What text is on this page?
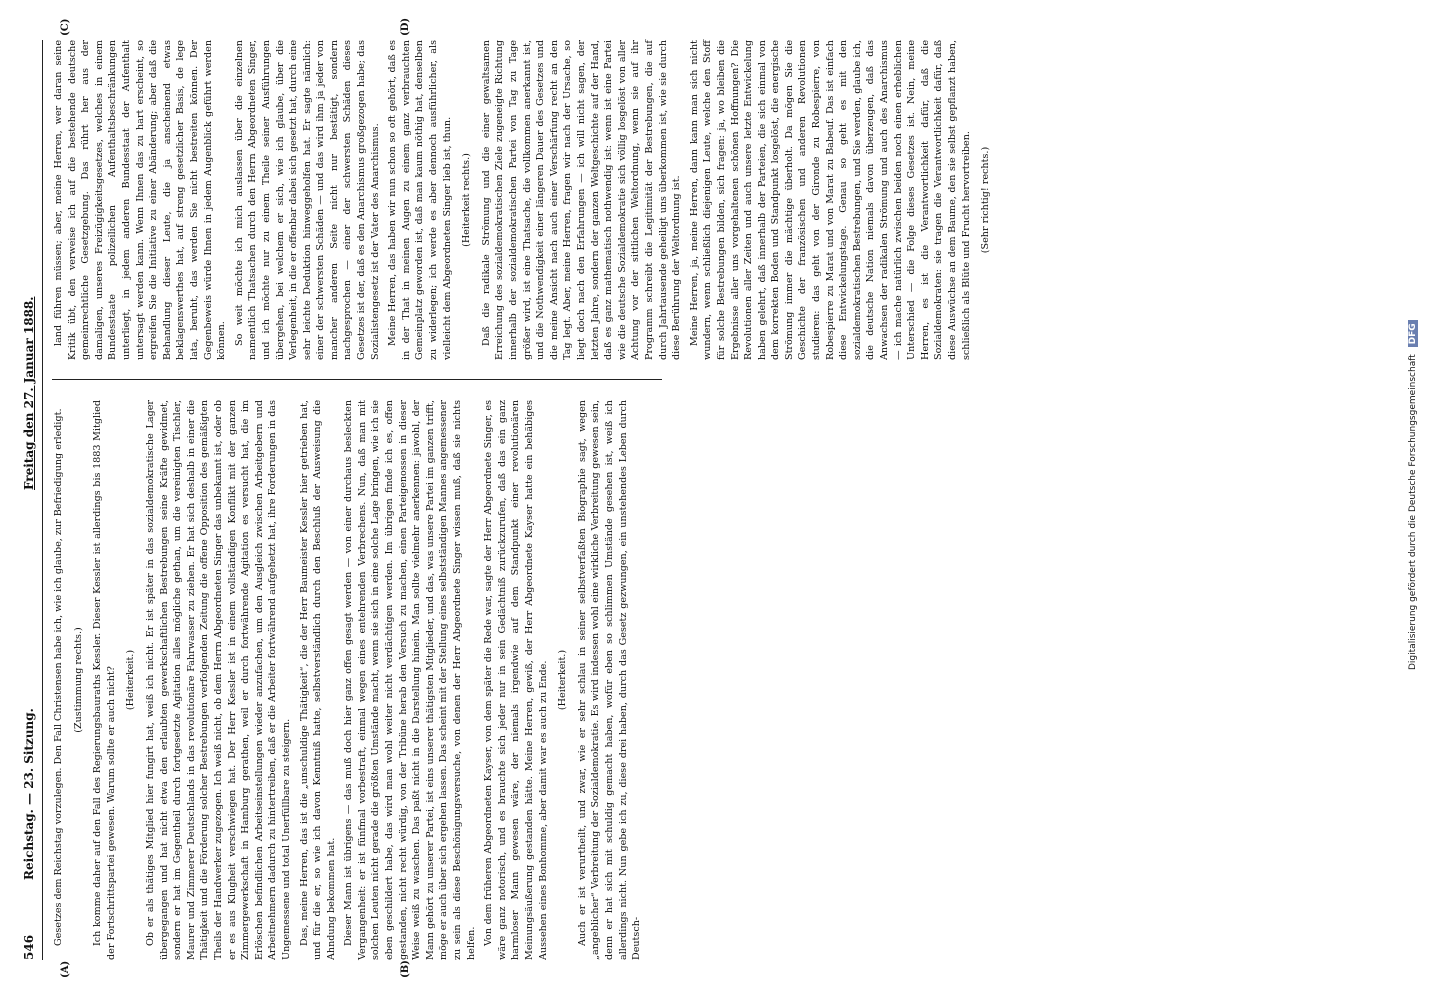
546
Reichstag. — 23. Sitzung.
Freitag den 27. Januar 1888.

Gesetzes dem Reichstag vorzulegen. Den Fall Christensen habe ich, wie ich glaube, zur Befriedigung erledigt. (Zustimmung rechts.) Ich komme daher auf den Fall des Regierungsbauraths Kessler. Dieser Kessler ist allerdings bis 1883 Mitglied der Fortschrittspartei gewesen. Warum sollte er auch nicht? (Heiterkeit.) Ob er als thätiges Mitglied hier fungirt hat, weiß ich nicht. Er ist später in das sozialdemokratische Lager übergegangen und hat nicht etwa den erlaubten gewerkschaftlichen Bestrebungen seine Kräfte gewidmet, sondern er hat im Gegentheil durch fortgesetzte Agitation alles mögliche gethan, um die vereinigten Tischler, Maurer und Zimmerer Deutschlands in das revolutionäre Fahrwasser zu ziehen. Er hat sich deshalb in einer die Thätigkeit und die Förderung solcher Bestrebungen verfolgenden Zeitung die offene Opposition des gemäßigten Theils der Handwerker zugezogen. Ich weiß nicht, ob dem Herrn Abgeordneten Singer das unbekannt ist, oder ob er es aus Klugheit verschwiegen hat. Der Herr Kessler ist in einem vollständigen Konflikt mit der ganzen Zimmergewerkschaft in Hamburg gerathen, weil er durch fortwährende Agitation es versucht hat, die im Erlöschen befindlichen Arbeitseinstellungen wieder anzufachen, um den Ausgleich zwischen Arbeitgebern und Arbeitnehmern dadurch zu hintertreiben, daß er die Arbeiter fortwährend aufgehetzt hat, ihre Forderungen in das Ungemessene und total Unerfüllbare zu steigern. Das, meine Herren, das ist die „unschuldige Thätigkeit“, die der Herr Baumeister Kessler hier getrieben hat, und für die er, so wie ich davon Kenntniß hatte, selbstverständlich durch den Beschluß der Ausweisung die Ahndung bekommen hat. Dieser Mann ist übrigens — das muß doch hier ganz offen gesagt werden — von einer durchaus besleckten Vergangenheit: er ist fünfmal vorbestraft, einmal wegen eines entehrenden Verbrechens. Nun, daß man mit solchen Leuten nicht gerade die größten Umstände macht, wenn sie sich in eine solche Lage bringen, wie ich sie eben geschildert habe, das wird man wohl weiter nicht verdächtigen werden. Im übrigen finde ich es, offen gestanden, nicht recht würdig, von der Tribüne herab den Versuch zu machen, einen Parteigenossen in dieser Weise weiß zu waschen. Das paßt nicht in die Darstellung hinein. Man sollte vielmehr anerkennen: jawohl, der Mann gehört zu unserer Partei, ist eins unserer thätigsten Mitglieder, und das, was unsere Partei im ganzen trifft, möge er auch über sich ergehen lassen. Das scheint mit der Stellung eines selbstständigen Mannes angemessener zu sein als diese Beschönigungsversuche, von denen der Herr Abgeordnete Singer wissen muß, daß sie nichts helfen. Von dem früheren Abgeordneten Kayser, von dem später die Rede war, sagte der Herr Abgeordnete Singer, es wäre ganz notorisch, und es brauchte sich jeder nur in sein Gedächtniß zurückzurufen, daß das ein ganz harmloser Mann gewesen wäre, der niemals irgendwie auf dem Standpunkt einer revolutionären Meinungsäußerung gestanden hätte. Meine Herren, gewiß, der Herr Abgeordnete Kayser hatte ein behäbiges Aussehen eines Bonhomme, aber damit war es auch zu Ende. (Heiterkeit.) Auch er ist verurtheilt, und zwar, wie er sehr schlau in seiner selbstverfaßten Biographie sagt, wegen „angeblicher“ Verbreitung der Sozialdemokratie. Es wird indessen wohl eine wirkliche Verbreitung gewesen sein, denn er hat sich mit schuldig gemacht haben, wofür eben so schlimmen Umstände gesehen ist, weiß ich allerdings nicht. Nun gebe ich zu, diese drei haben, durch das Gesetz gezwungen, ein unstehendes Leben durch Deutsch-

land führen müssen; aber, meine Herren, wer daran seine Kritik übt, den verweise ich auf die bestehende deutsche gemeinrechtliche Gesetzgebung. Das rührt her aus der damaligen, unseres Freizügigkeitsgesetzes, welches in einem Bundesstaate polizeilichen Aufenthaltsbeschränkungen unterliegt, in jedem anderen Bundesstaat der Aufenthalt untersagt werden kann. Wenn Ihnen das zu hart erscheint, so ergreifen Sie die Initiative zu einer Abänderung; aber daß die Behandlung dieser Leute, die ja anscheinend etwas beklagenswerthes hat, auf streng gesetzlicher Basis, de lege lata, beruht, das werden Sie nicht bestreiten können. Der Gegenbeweis würde Ihnen in jedem Augenblick geführt werden können. So weit möchte ich mich auslassen über die einzelnen namentlich Thatsachen durch den Herrn Abgeordneten Singer, und ich möchte nur zu einem Theile seiner Ausführungen übergehen, bei welchem er sich, wie ich glaube, über die Verlegenheit, in die er offenbar dabei sich gesetzt hat, durch eine sehr leichte Deduktion hinweggeholfen hat. Er sagte nämlich: einer der schwersten Schäden — und das wird ihm ja jeder von mancher anderen Seite nicht nur bestätigt, sondern nachgesprochen — einer der schwersten Schäden dieses Gesetzes ist der, daß es den Anarchismus großgezogen habe; das Sozialistengesetz ist der Vater des Anarchismus. Meine Herren, das haben wir nun schon so oft gehört, daß es in der That in meinen Augen zu einem ganz verbrauchten Gemeinplatz geworden ist, daß man kaum nöthig hat, denselben zu widerlegen; ich werde es aber dennoch ausführlicher, als vielleicht dem Abgeordneten Singer lieb ist, thun. (Heiterkeit rechts.) Daß die radikale Strömung und die einer gewaltsamen Erreichung des sozialdemokratischen Ziele zugeneigte Richtung innerhalb der sozialdemokratischen Partei von Tag zu Tage größer wird, ist eine Thatsache, die vollkommen anerkannt ist, und die Nothwendigkeit einer längeren Dauer des Gesetzes und die meine Ansicht nach auch einer Verschärfung recht an den Tag legt. Aber, meine Herren, fragen wir nach der Ursache, so liegt doch nach den Erfahrungen — ich will nicht sagen, der letzten Jahre, sondern der ganzen Weltgeschichte auf der Hand, daß es ganz mathematisch nothwendig ist: wenn ist eine Partei wie die deutsche Sozialdemokratie sich völlig losgelöst von aller Achtung vor der sittlichen Weltordnung, wenn sie auf ihr Programm schreibt die Legitimität der Bestrebungen, die auf durch Jahrtausende geheiligt uns überkommen ist, wie sie durch diese Berührung der Weltordnung ist. Meine Herren, ja, meine Herren, dann kann man sich nicht wundern, wenn schließlich diejenigen Leute, welche den Stoff für solche Bestrebungen bilden, sich fragen: ja, wo bleiben die Ergebnisse aller uns vorgehaltenen schönen Hoffnungen? Die Revolutionen aller Zeiten und auch unsere letzte Entwickelung haben gelehrt, daß innerhalb der Parteien, die sich einmal von dem korrekten Boden und Standpunkt losgelöst, die energische Strömung immer die mächtige überholt. Da mögen Sie die Geschichte der französischen und anderen Revolutionen studieren: das geht von der Gironde zu Robespierre, von Robespierre zu Marat und von Marat zu Babeuf. Das ist einfach diese Entwickelungstage. Genau so geht es mit den sozialdemokratischen Bestrebungen, und Sie werden, glaube ich, die deutsche Nation niemals davon überzeugen, daß das Anwachsen der radikalen Strömung und auch des Anarchismus — ich mache natürlich zwischen beiden noch einen erheblichen Unterschied — die Folge dieses Gesetzes ist. Nein, meine Herren, es ist die Verantwortlichkeit dafür, daß die Sozialdemokraten: sie tragen die Verantwortlichkeit dafür, daß diese Auswüchse an dem Baume, den sie selbst gepflanzt haben, schließlich als Blüte und Frucht hervortreiben. (Sehr richtig! rechts.)

(A)	(B)
(C)	(D)
Digitalisierung gefördert durch die Deutsche Forschungsgemeinschaft DFG
